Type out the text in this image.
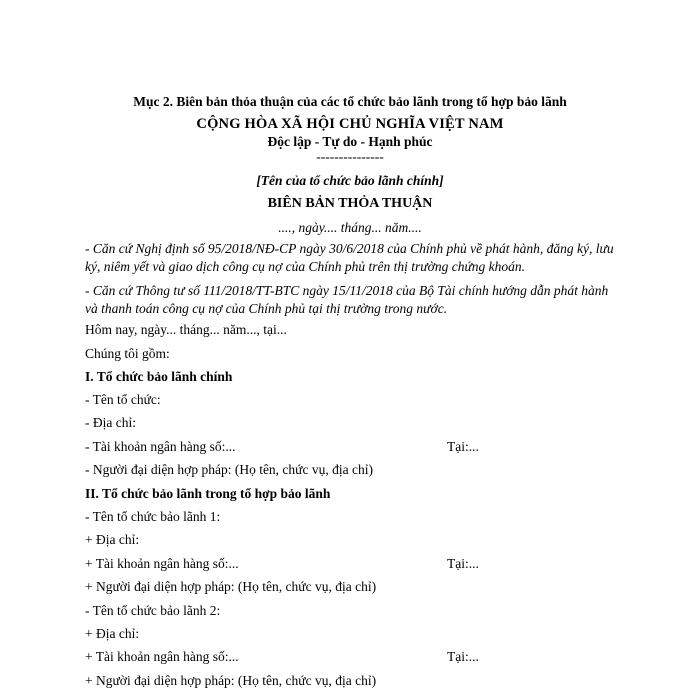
Mục 2. Biên bản thỏa thuận của các tổ chức bảo lãnh trong tổ hợp bảo lãnh
CỘNG HÒA XÃ HỘI CHỦ NGHĨA VIỆT NAM
Độc lập - Tự do - Hạnh phúc
---------------
[Tên của tổ chức bảo lãnh chính]
BIÊN BẢN THỎA THUẬN
...., ngày.... tháng... năm....
- Căn cứ Nghị định số 95/2018/NĐ-CP ngày 30/6/2018 của Chính phủ về phát hành, đăng ký, lưu ký, niêm yết và giao dịch công cụ nợ của Chính phủ trên thị trường chứng khoán.
- Căn cứ Thông tư số 111/2018/TT-BTC ngày 15/11/2018 của Bộ Tài chính hướng dẫn phát hành và thanh toán công cụ nợ của Chính phủ tại thị trường trong nước.
Hôm nay, ngày... tháng... năm..., tại...
Chúng tôi gồm:
I. Tổ chức bảo lãnh chính
- Tên tổ chức:
- Địa chỉ:
- Tài khoản ngân hàng số:...	Tại:...
- Người đại diện hợp pháp: (Họ tên, chức vụ, địa chỉ)
II. Tổ chức bảo lãnh trong tổ hợp bảo lãnh
- Tên tổ chức bảo lãnh 1:
+ Địa chỉ:
+ Tài khoản ngân hàng số:...	Tại:...
+ Người đại diện hợp pháp: (Họ tên, chức vụ, địa chỉ)
- Tên tổ chức bảo lãnh 2:
+ Địa chỉ:
+ Tài khoản ngân hàng số:...	Tại:...
+ Người đại diện hợp pháp: (Họ tên, chức vụ, địa chỉ)
